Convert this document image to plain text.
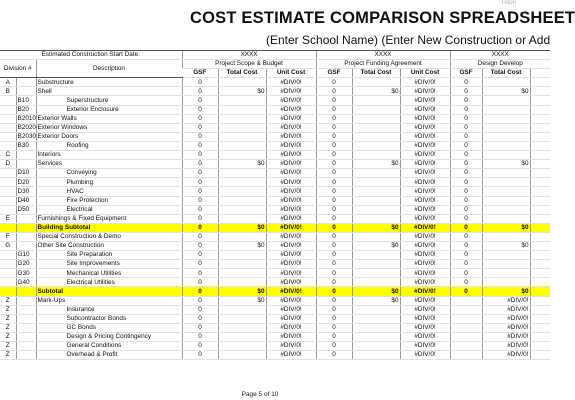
Triton
COST ESTIMATE COMPARISON SPREADSHEET
(Enter School Name) (Enter New Construction or Add
Estimated Construction Start Date:			XXXX			XXXX			XXXX		
Division #		Description	Project Scope & Budget			Project Funding Agreement			Design Develop		
			GSF	Total Cost	Unit Cost	GSF	Total Cost	Unit Cost	GSF	Total Cost	
A		Substructure	0		#DIV/0!	0		#DIV/0!	0		
B		Shell	0	$0	#DIV/0!	0	$0	#DIV/0!	0	$0	
	B10	Superstructure	0		#DIV/0!	0		#DIV/0!	0		
	B20	Exterior Enclosure	0		#DIV/0!	0		#DIV/0!	0		
	B2010	Exterior Walls	0		#DIV/0!	0		#DIV/0!	0		
	B2020	Exterior Windows	0		#DIV/0!	0		#DIV/0!	0		
	B2030	Exterior Doors	0		#DIV/0!	0		#DIV/0!	0		
	B30	Roofing	0		#DIV/0!	0		#DIV/0!	0		
C		Interiors	0		#DIV/0!	0		#DIV/0!	0		
D		Services	0	$0	#DIV/0!	0	$0	#DIV/0!	0	$0	
	D10	Conveying	0		#DIV/0!	0		#DIV/0!	0		
	D20	Plumbing	0		#DIV/0!	0		#DIV/0!	0		
	D30	HVAC	0		#DIV/0!	0		#DIV/0!	0		
	D40	Fire Protection	0		#DIV/0!	0		#DIV/0!	0		
	D50	Electrical	0		#DIV/0!	0		#DIV/0!	0		
E		Furnishings & Fixed Equipment	0		#DIV/0!	0		#DIV/0!	0		
		Building Subtotal	0	$0	#DIV/0!	0	$0	#DIV/0!	0	$0	
F		Special Construction & Demo	0		#DIV/0!	0		#DIV/0!	0		
G		Other Site Construction	0	$0	#DIV/0!	0	$0	#DIV/0!	0	$0	
	G10	Site Preparation	0		#DIV/0!	0		#DIV/0!	0		
	G20	Site Improvements	0		#DIV/0!	0		#DIV/0!	0		
	G30	Mechanical Utilities	0		#DIV/0!	0		#DIV/0!	0		
	G40	Electrical Utilities	0		#DIV/0!	0		#DIV/0!	0		
		Subtotal	0	$0	#DIV/0!	0	$0	#DIV/0!	0	$0	
Z		Mark-Ups	0	$0	#DIV/0!	0	$0	#DIV/0!		#DIV/0!	
Z		Insurance	0		#DIV/0!	0		#DIV/0!		#DIV/0!	
Z		Subcontractor Bonds	0		#DIV/0!	0		#DIV/0!		#DIV/0!	
Z		GC Bonds	0		#DIV/0!	0		#DIV/0!		#DIV/0!	
Z		Design & Pricing Contingency	0		#DIV/0!	0		#DIV/0!		#DIV/0!	
Z		General Conditions	0		#DIV/0!	0		#DIV/0!		#DIV/0!	
Z		Overhead & Profit	0		#DIV/0!	0		#DIV/0!		#DIV/0!	
Page 5 of 10
